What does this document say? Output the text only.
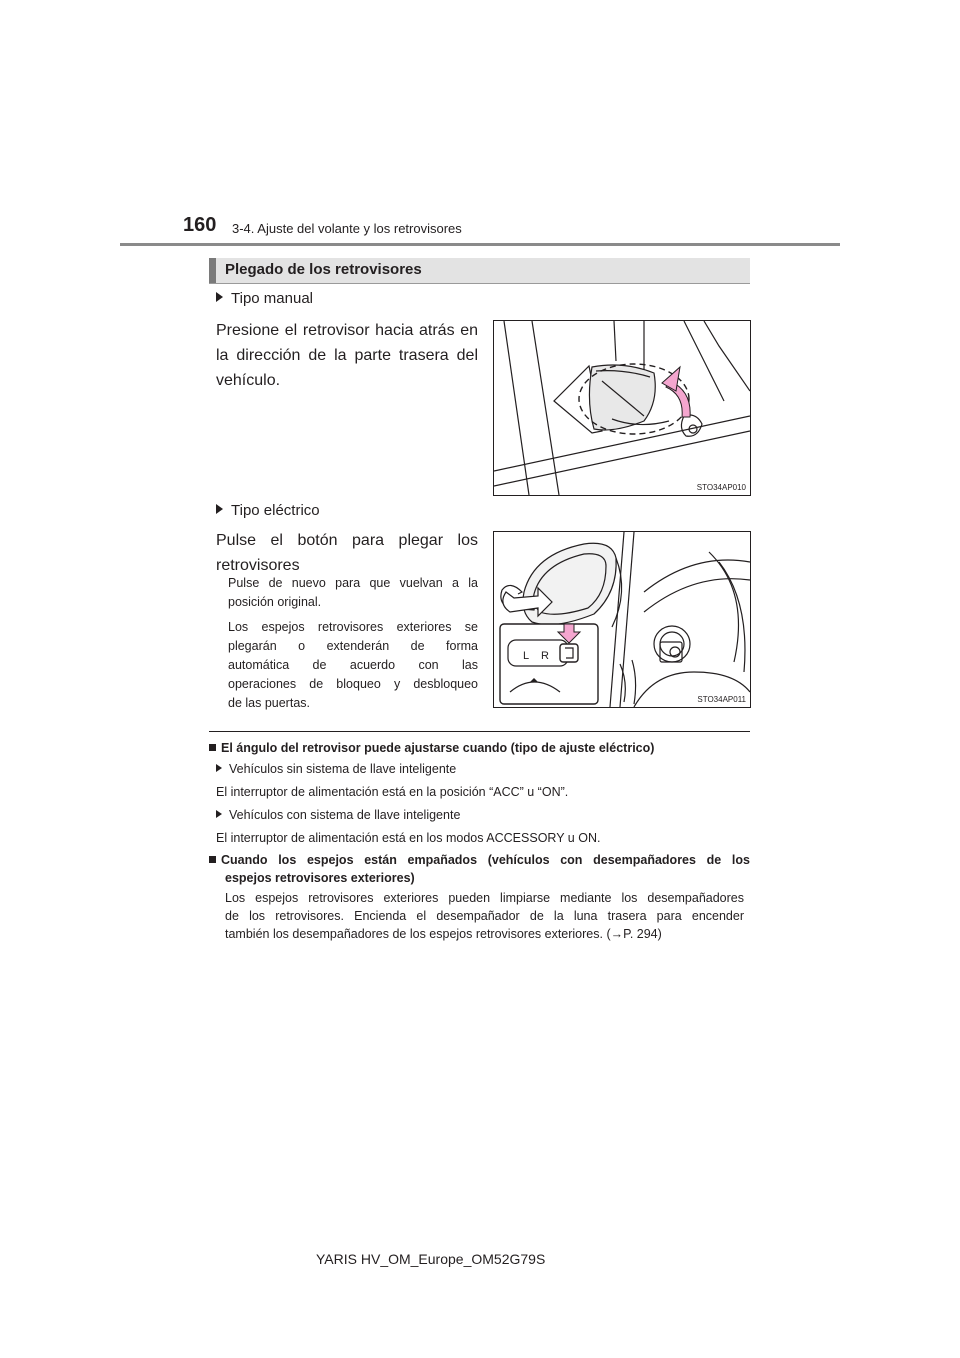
160 3-4. Ajuste del volante y los retrovisores
Plegado de los retrovisores
Tipo manual
Presione el retrovisor hacia atrás en
la dirección de la parte trasera del
vehículo.
STO34AP010
Tipo eléctrico
Pulse el botón para plegar los
retrovisores
Pulse de nuevo para que vuelvan a la
posición original.
Los espejos retrovisores exteriores se
plegarán o extenderán de forma
automática de acuerdo con las
operaciones de bloqueo y desbloqueo
de las puertas.
L R
STO34AP011
El ángulo del retrovisor puede ajustarse cuando (tipo de ajuste eléctrico)
Vehículos sin sistema de llave inteligente
El interruptor de alimentación está en la posición “ACC” u “ON”.
Vehículos con sistema de llave inteligente
El interruptor de alimentación está en los modos ACCESSORY u ON.
Cuando los espejos están empañados (vehículos con desempañadores de los
espejos retrovisores exteriores)
Los espejos retrovisores exteriores pueden limpiarse mediante los desempañadores
de los retrovisores. Encienda el desempañador de la luna trasera para encender
también los desempañadores de los espejos retrovisores exteriores. (→P. 294)
YARIS HV_OM_Europe_OM52G79S
